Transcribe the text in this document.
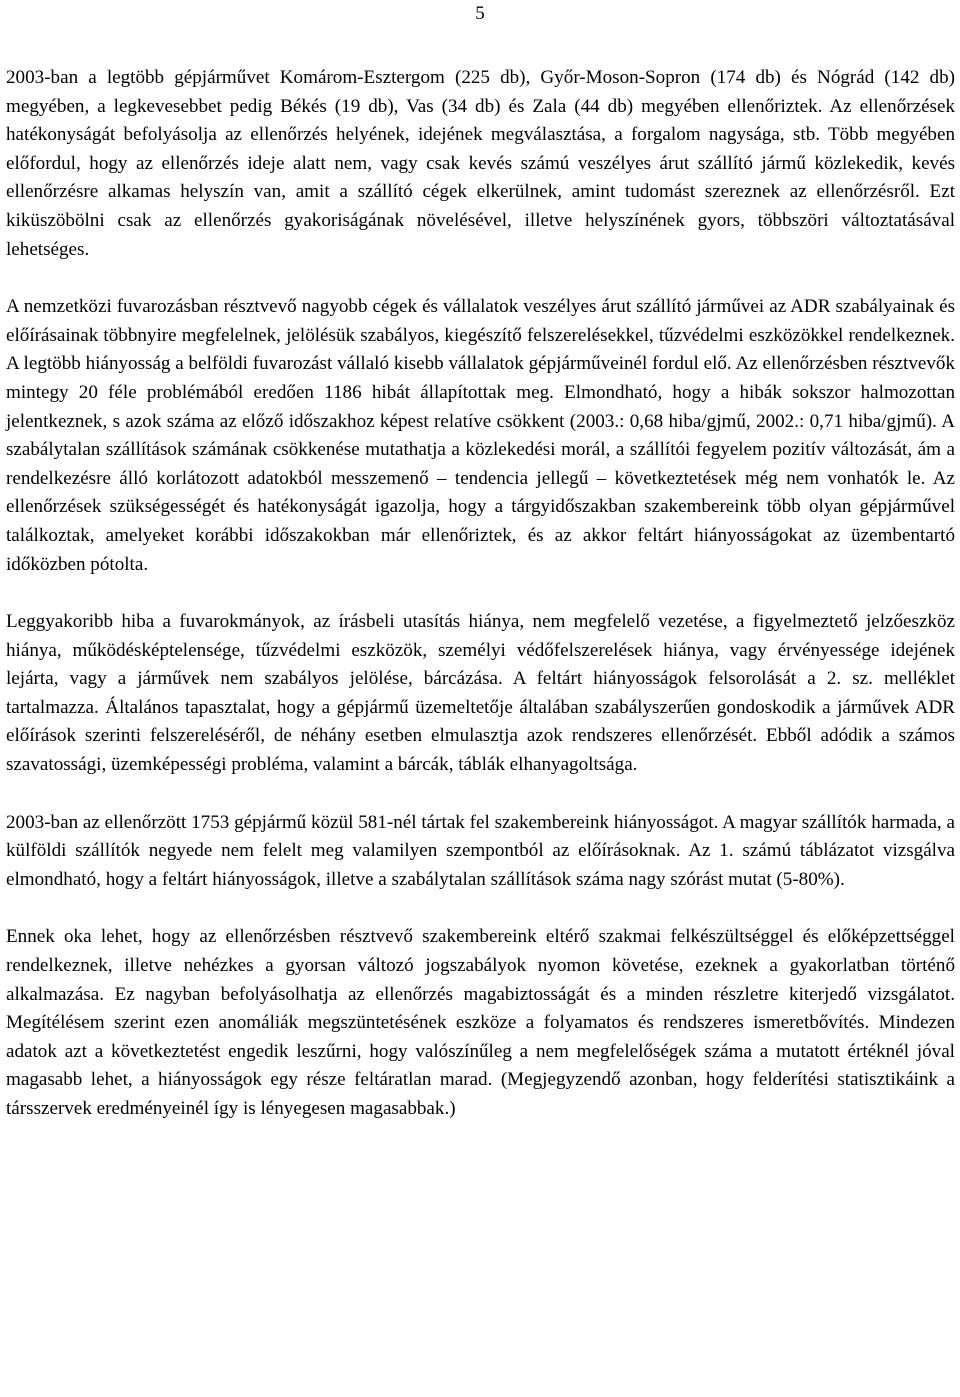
5

2003-ban a legtöbb gépjárművet Komárom-Esztergom (225 db), Győr-Moson-Sopron (174 db) és Nógrád (142 db) megyében, a legkevesebbet pedig Békés (19 db), Vas (34 db) és Zala (44 db) megyében ellenőriztek. Az ellenőrzések hatékonyságát befolyásolja az ellenőrzés helyének, idejének megválasztása, a forgalom nagysága, stb. Több megyében előfordul, hogy az ellenőrzés ideje alatt nem, vagy csak kevés számú veszélyes árut szállító jármű közlekedik, kevés ellenőrzésre alkamas helyszín van, amit a szállító cégek elkerülnek, amint tudomást szereznek az ellenőrzésről. Ezt kiküszöbölni csak az ellenőrzés gyakoriságának növelésével, illetve helyszínének gyors, többszöri változtatásával lehetséges.

A nemzetközi fuvarozásban résztvevő nagyobb cégek és vállalatok veszélyes árut szállító járművei az ADR szabályainak és előírásainak többnyire megfelelnek, jelölésük szabályos, kiegészítő felszerelésekkel, tűzvédelmi eszközökkel rendelkeznek. A legtöbb hiányosság a belföldi fuvarozást vállaló kisebb vállalatok gépjárműveinél fordul elő. Az ellenőrzésben résztvevők mintegy 20 féle problémából eredően 1186 hibát állapítottak meg. Elmondható, hogy a hibák sokszor halmozottan jelentkeznek, s azok száma az előző időszakhoz képest relatíve csökkent (2003.: 0,68 hiba/gjmű, 2002.: 0,71 hiba/gjmű). A szabálytalan szállítások számának csökkenése mutathatja a közlekedési morál, a szállítói fegyelem pozitív változását, ám a rendelkezésre álló korlátozott adatokból messzemenő – tendencia jellegű – következtetések még nem vonhatók le. Az ellenőrzések szükségességét és hatékonyságát igazolja, hogy a tárgyidőszakban szakembereink több olyan gépjárművel találkoztak, amelyeket korábbi időszakokban már ellenőriztek, és az akkor feltárt hiányosságokat az üzembentartó időközben pótolta.

Leggyakoribb hiba a fuvarokmányok, az írásbeli utasítás hiánya, nem megfelelő vezetése, a figyelmeztető jelzőeszköz hiánya, működésképtelensége, tűzvédelmi eszközök, személyi védőfelszerelések hiánya, vagy érvényessége idejének lejárta, vagy a járművek nem szabályos jelölése, bárcázása. A feltárt hiányosságok felsorolását a 2. sz. melléklet tartalmazza. Általános tapasztalat, hogy a gépjármű üzemeltetője általában szabályszerűen gondoskodik a járművek ADR előírások szerinti felszereléséről, de néhány esetben elmulasztja azok rendszeres ellenőrzését. Ebből adódik a számos szavatossági, üzemképességi probléma, valamint a bárcák, táblák elhanyagoltsága.

2003-ban az ellenőrzött 1753 gépjármű közül 581-nél tártak fel szakembereink hiányosságot. A magyar szállítók harmada, a külföldi szállítók negyede nem felelt meg valamilyen szempontból az előírásoknak. Az 1. számú táblázatot vizsgálva elmondható, hogy a feltárt hiányosságok, illetve a szabálytalan szállítások száma nagy szórást mutat (5-80%).

Ennek oka lehet, hogy az ellenőrzésben résztvevő szakembereink eltérő szakmai felkészültséggel és előképzettséggel rendelkeznek, illetve nehézkes a gyorsan változó jogszabályok nyomon követése, ezeknek a gyakorlatban történő alkalmazása. Ez nagyban befolyásolhatja az ellenőrzés magabiztosságát és a minden részletre kiterjedő vizsgálatot. Megítélésem szerint ezen anomáliák megszüntetésének eszköze a folyamatos és rendszeres ismeretbővítés. Mindezen adatok azt a következtetést engedik leszűrni, hogy valószínűleg a nem megfelelőségek száma a mutatott értéknél jóval magasabb lehet, a hiányosságok egy része feltáratlan marad. (Megjegyzendő azonban, hogy felderítési statisztikáink a társszervek eredményeinél így is lényegesen magasabbak.)
